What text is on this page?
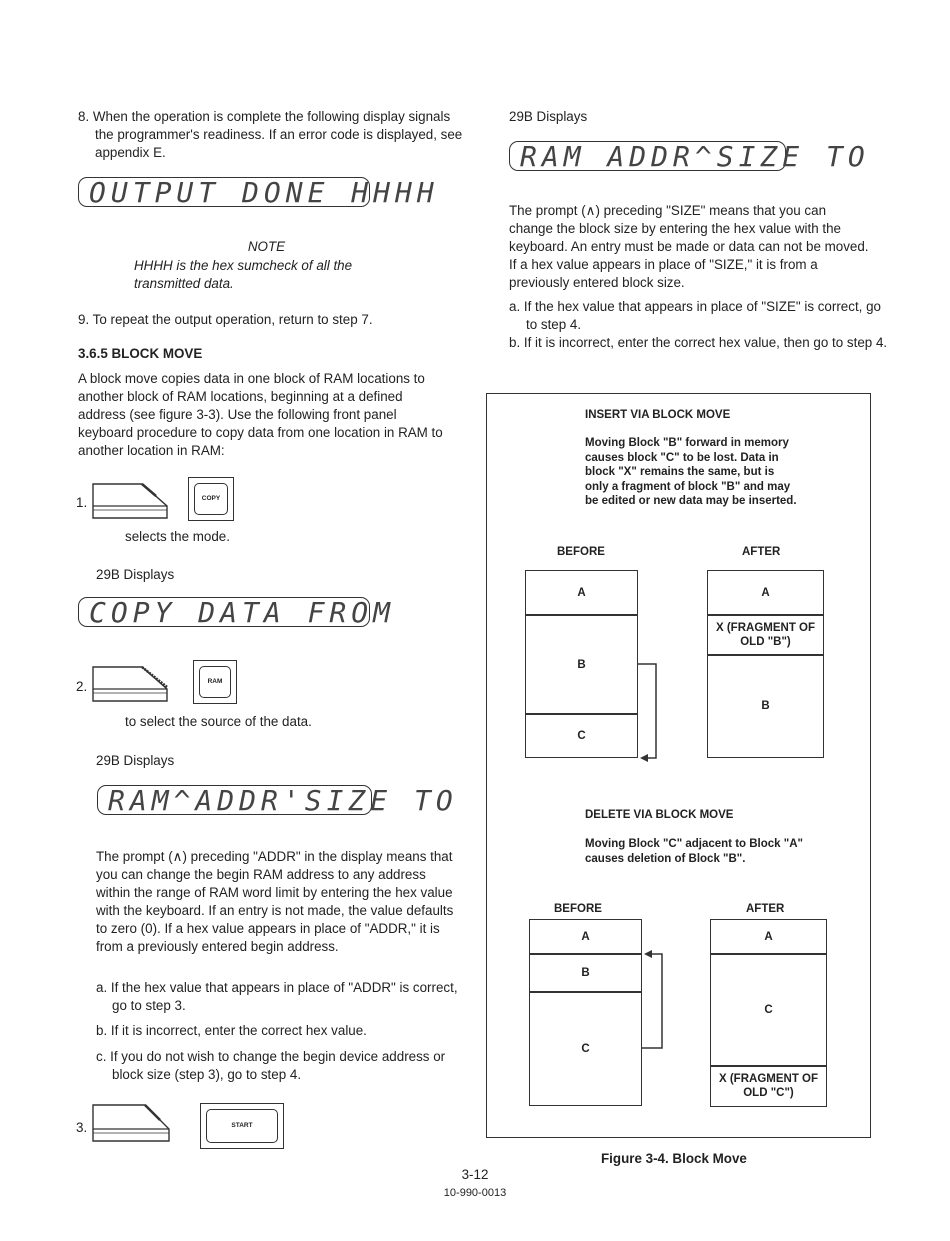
8. When the operation is complete the following display signals the programmer's readiness. If an error code is displayed, see appendix E.

OUTPUT DONE HHHH

NOTE

HHHH is the hex sumcheck of all the transmitted data.

9. To repeat the output operation, return to step 7.

3.6.5 BLOCK MOVE

A block move copies data in one block of RAM locations to another block of RAM locations, beginning at a defined address (see figure 3-3). Use the following front panel keyboard procedure to copy data from one location in RAM to another location in RAM:

1.	COPY

selects the mode.

29B Displays

COPY DATA FROM
2.	RAM

to select the source of the data.

29B Displays

RAM^ADDR'SIZE TO

The prompt (∧) preceding "ADDR" in the display means that you can change the begin RAM address to any address within the range of RAM word limit by entering the hex value with the keyboard. If an entry is not made, the value defaults to zero (0). If a hex value appears in place of "ADDR," it is from a previously entered begin address.

a. If the hex value that appears in place of "ADDR" is correct, go to step 3.

b. If it is incorrect, enter the correct hex value.

c. If you do not wish to change the begin device address or block size (step 3), go to step 4.

3.	START

29B Displays

RAM ADDR^SIZE TO

The prompt (∧) preceding "SIZE" means that you can change the block size by entering the hex value with the keyboard. An entry must be made or data can not be moved. If a hex value appears in place of "SIZE," it is from a previously entered block size.

a. If the hex value that appears in place of "SIZE" is correct, go to step 4.

b. If it is incorrect, enter the correct hex value, then go to step 4.

INSERT VIA BLOCK MOVE

Moving Block "B" forward in memory causes block "C" to be lost. Data in block "X" remains the same, but is only a fragment of block "B" and may be edited or new data may be inserted.

BEFORE	AFTER

A
B
C
A
X (FRAGMENT OF OLD "B")
B

DELETE VIA BLOCK MOVE

Moving Block "C" adjacent to Block "A" causes deletion of Block "B".

BEFORE	AFTER

A
B
C
A
C
X (FRAGMENT OF OLD "C")

Figure 3-4. Block Move

3-12

10-990-0013
